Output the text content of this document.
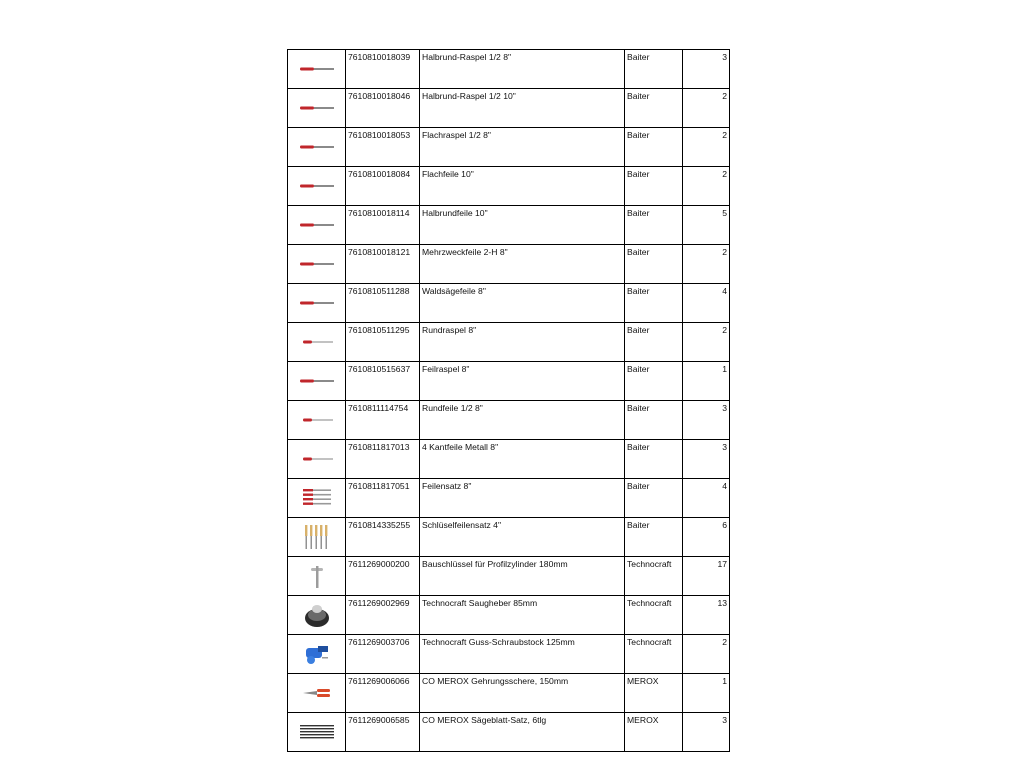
	7610810018039	Halbrund-Raspel 1/2 8"	Baiter	3

	7610810018046	Halbrund-Raspel 1/2 10"	Baiter	2

	7610810018053	Flachraspel 1/2 8"	Baiter	2

	7610810018084	Flachfeile 10"	Baiter	2

	7610810018114	Halbrundfeile 10"	Baiter	5

	7610810018121	Mehrzweckfeile 2-H 8"	Baiter	2

	7610810511288	Waldsägefeile 8"	Baiter	4

	7610810511295	Rundraspel 8"	Baiter	2

	7610810515637	Feilraspel 8"	Baiter	1

	7610811114754	Rundfeile 1/2 8"	Baiter	3

	7610811817013	4 Kantfeile Metall 8"	Baiter	3

	7610811817051	Feilensatz 8"	Baiter	4

	7610814335255	Schlüselfeilensatz 4"	Baiter	6

	7611269000200	Bauschlüssel für Profilzylinder 180mm	Technocraft	17

	7611269002969	Technocraft Saugheber 85mm	Technocraft	13

	7611269003706	Technocraft Guss-Schraubstock 125mm	Technocraft	2

	7611269006066	CO MEROX Gehrungsschere, 150mm	MEROX	1

	7611269006585	CO MEROX Sägeblatt-Satz, 6tlg	MEROX	3
